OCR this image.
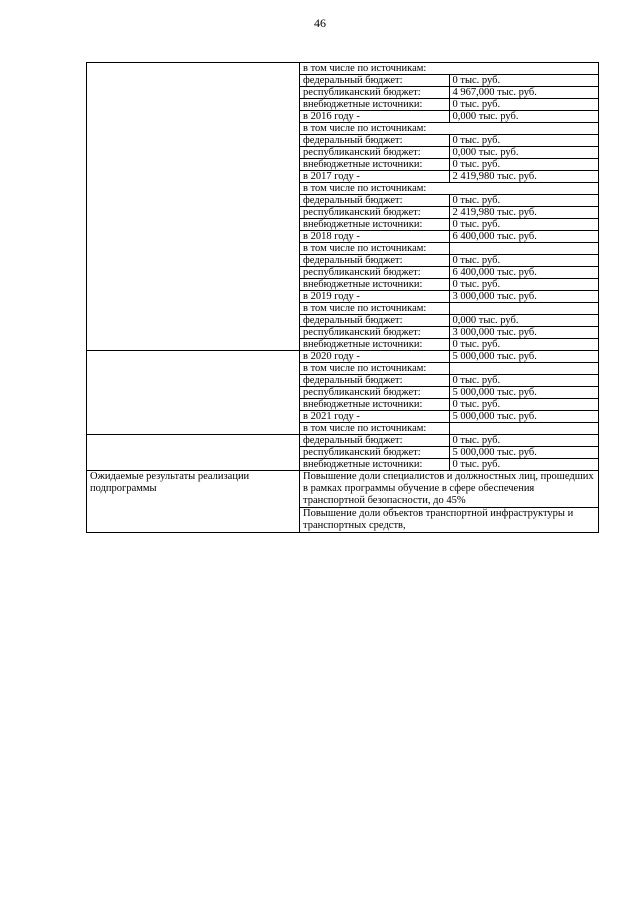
46
	в том числе по источникам:	
	федеральный бюджет:	0 тыс. руб.
	республиканский бюджет:	4 967,000 тыс. руб.
	внебюджетные источники:	0 тыс. руб.
	в 2016 году -	0,000 тыс. руб.
	в том числе по источникам:	
	федеральный бюджет:	0 тыс. руб.
	республиканский бюджет:	0,000 тыс. руб.
	внебюджетные источники:	0 тыс. руб.
	в 2017 году -	2 419,980 тыс. руб.
	в том числе по источникам:	
	федеральный бюджет:	0 тыс. руб.
	республиканский бюджет:	2 419,980 тыс. руб.
	внебюджетные источники:	0 тыс. руб.
	в 2018 году -	6 400,000 тыс. руб.
	в том числе по источникам:	
	федеральный бюджет:	0 тыс. руб.
	республиканский бюджет:	6 400,000 тыс. руб.
	внебюджетные источники:	0 тыс. руб.
	в 2019 году -	3 000,000 тыс. руб.
	в том числе по источникам:	
	федеральный бюджет:	0,000 тыс. руб.
	республиканский бюджет:	3 000,000 тыс. руб.
	внебюджетные источники:	0 тыс. руб.
	в 2020 году -	5 000,000 тыс. руб.
	в том числе по источникам:	
	федеральный бюджет:	0 тыс. руб.
	республиканский бюджет:	5 000,000 тыс. руб.
	внебюджетные источники:	0 тыс. руб.
	в 2021 году -	5 000,000 тыс. руб.
	в том числе по источникам:	
	федеральный бюджет:	0 тыс. руб.
	республиканский бюджет:	5 000,000 тыс. руб.
	внебюджетные источники:	0 тыс. руб.
Ожидаемые результаты реализации подпрограммы	Повышение доли специалистов и должностных лиц, прошедших в рамках программы обучение в сфере обеспечения транспортной безопасности, до 45%	
	Повышение доли объектов транспортной инфраструктуры и транспортных средств,	
